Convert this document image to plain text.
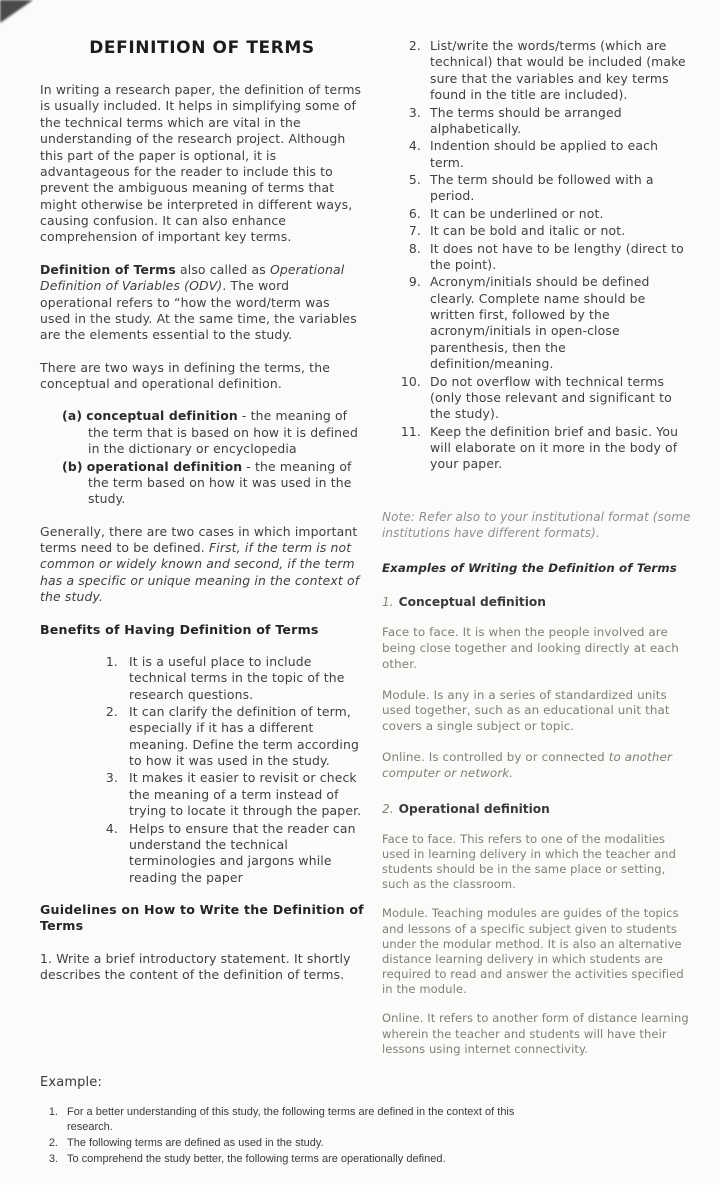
DEFINITION OF TERMS

In writing a research paper, the definition of terms is usually included. It helps in simplifying some of the technical terms which are vital in the understanding of the research project. Although this part of the paper is optional, it is advantageous for the reader to include this to prevent the ambiguous meaning of terms that might otherwise be interpreted in different ways, causing confusion. It can also enhance comprehension of important key terms.

Definition of Terms also called as Operational Definition of Variables (ODV). The word operational refers to “how the word/term was used in the study. At the same time, the variables are the elements essential to the study.

There are two ways in defining the terms, the conceptual and operational definition.

(a) conceptual definition - the meaning of the term that is based on how it is defined in the dictionary or encyclopedia
(b) operational definition - the meaning of the term based on how it was used in the study.

Generally, there are two cases in which important terms need to be defined. First, if the term is not common or widely known and second, if the term has a specific or unique meaning in the context of the study.

Benefits of Having Definition of Terms
1. It is a useful place to include technical terms in the topic of the research questions.
2. It can clarify the definition of term, especially if it has a different meaning. Define the term according to how it was used in the study.
3. It makes it easier to revisit or check the meaning of a term instead of trying to locate it through the paper.
4. Helps to ensure that the reader can understand the technical terminologies and jargons while reading the paper
Guidelines on How to Write the Definition of Terms

1. Write a brief introductory statement. It shortly describes the content of the definition of terms.

2. List/write the words/terms (which are technical) that would be included (make sure that the variables and key terms found in the title are included).
3. The terms should be arranged alphabetically.
4. Indention should be applied to each term.
5. The term should be followed with a period.
6. It can be underlined or not.
7. It can be bold and italic or not.
8. It does not have to be lengthy (direct to the point).
9. Acronym/initials should be defined clearly. Complete name should be written first, followed by the acronym/initials in open-close parenthesis, then the definition/meaning.
10. Do not overflow with technical terms (only those relevant and significant to the study).
11. Keep the definition brief and basic. You will elaborate on it more in the body of your paper.

Note: Refer also to your institutional format (some institutions have different formats).

Examples of Writing the Definition of Terms
1. Conceptual definition

Face to face. It is when the people involved are being close together and looking directly at each other.

Module. Is any in a series of standardized units used together, such as an educational unit that covers a single subject or topic.

Online. Is controlled by or connected to another computer or network.

2. Operational definition

Face to face. This refers to one of the modalities used in learning delivery in which the teacher and students should be in the same place or setting, such as the classroom.

Module. Teaching modules are guides of the topics and lessons of a specific subject given to students under the modular method. It is also an alternative distance learning delivery in which students are required to read and answer the activities specified in the module.

Online. It refers to another form of distance learning wherein the teacher and students will have their lessons using internet connectivity.

Example:

1. For a better understanding of this study, the following terms are defined in the context of this research.
2. The following terms are defined as used in the study.
3. To comprehend the study better, the following terms are operationally defined.
